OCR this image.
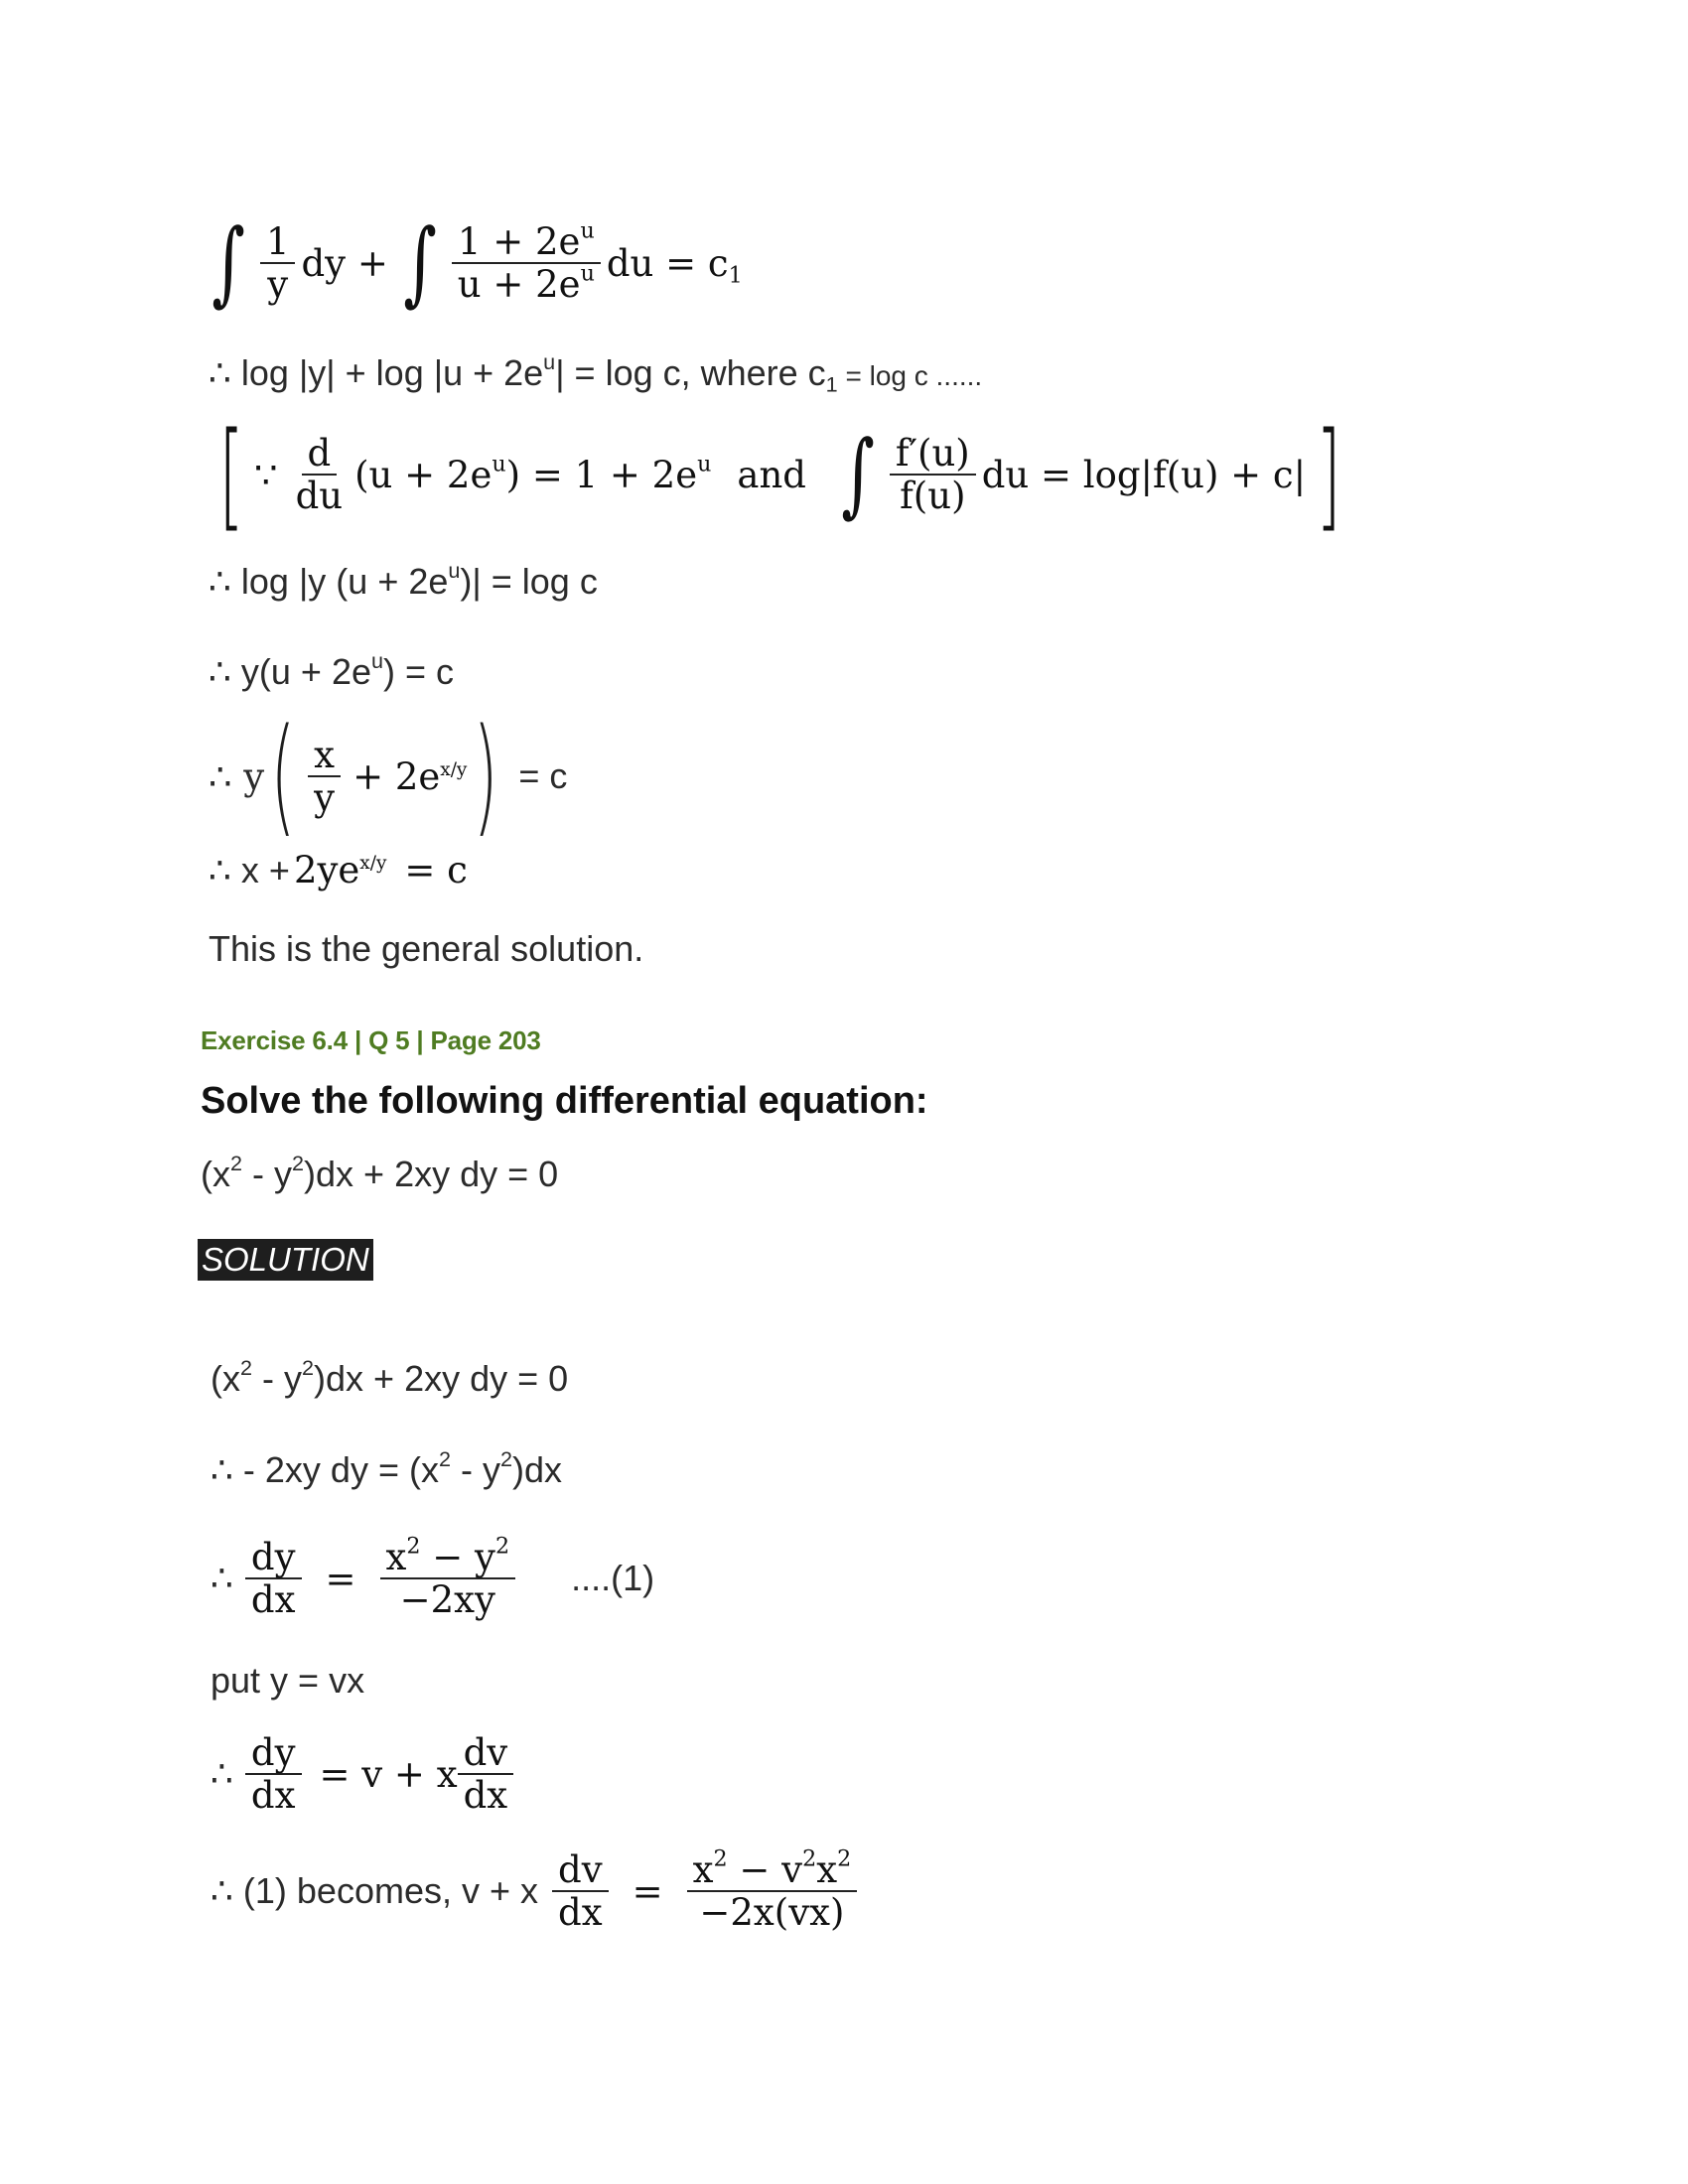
∫ $\frac{1}{y}$ dy + ∫ $\frac{1 + 2e^u}{u + 2e^u}$ du = $c_1$
∴ $\log |y| + \log |u + 2e^u| = \log c$, where $c_1 = \log c$ ......
[ ∵ $\frac{d}{du} (u + 2e^u) = 1 + 2e^u$ and ∫ $\frac{f'(u)}{f(u)}$ du = log|f(u) + c| ]
∴ log |y $(u + 2e^u)| = \log c$
∴ $y(u + 2e^u) = c$
∴ y ( $\frac{x}{y} + 2e^{x/y}$ ) = c
∴ $x + 2ye^{x/y} = c$
This is the general solution.
Exercise 6.4 | Q 5 | Page 203
Solve the following differential equation:
$(x^2 - y^2)dx + 2xy$ dy = 0
SOLUTION
$(x^2 - y^2)dx + 2xy$ dy = 0
∴ - 2xy dy = $(x^2 - y^2)dx$
∴ $\frac{dy}{dx} = \frac{x^2 - y^2}{-2xy} ....(1)$
put y = vx
∴ $\frac{dy}{dx} = v + x \frac{dv}{dx}$
∴ (1) becomes, v + x $\frac{dv}{dx} = \frac{x^2 - v^2x^2}{-2x(vx)}$
